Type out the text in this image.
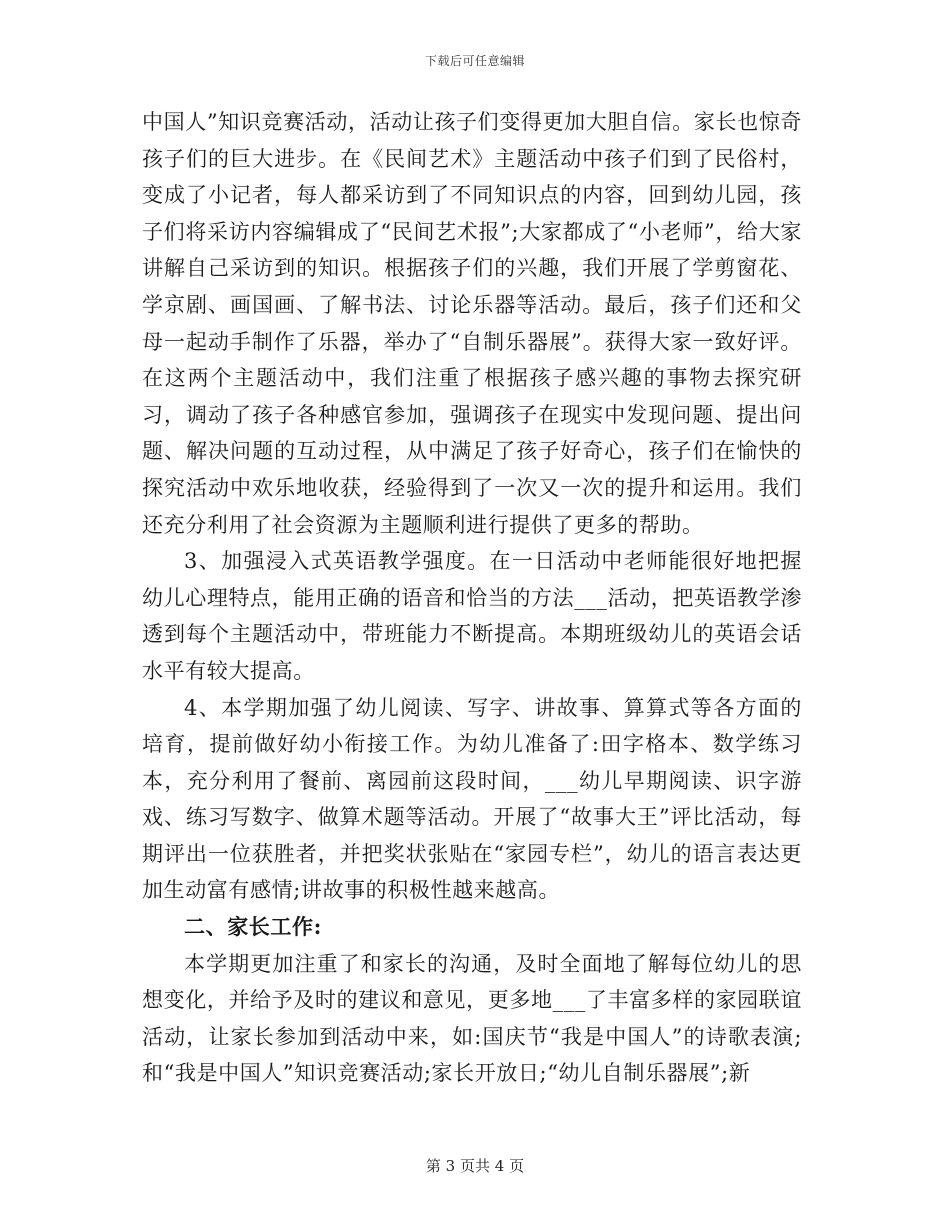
下载后可任意编辑

中国人”知识竞赛活动，活动让孩子们变得更加大胆自信。家长也惊奇孩子们的巨大进步。在《民间艺术》主题活动中孩子们到了民俗村，变成了小记者，每人都采访到了不同知识点的内容，回到幼儿园，孩子们将采访内容编辑成了“民间艺术报”;大家都成了“小老师”，给大家讲解自己采访到的知识。根据孩子们的兴趣，我们开展了学剪窗花、学京剧、画国画、了解书法、讨论乐器等活动。最后，孩子们还和父母一起动手制作了乐器，举办了“自制乐器展”。获得大家一致好评。在这两个主题活动中，我们注重了根据孩子感兴趣的事物去探究研习，调动了孩子各种感官参加，强调孩子在现实中发现问题、提出问题、解决问题的互动过程，从中满足了孩子好奇心，孩子们在愉快的探究活动中欢乐地收获，经验得到了一次又一次的提升和运用。我们还充分利用了社会资源为主题顺利进行提供了更多的帮助。

3、加强浸入式英语教学强度。在一日活动中老师能很好地把握幼儿心理特点，能用正确的语音和恰当的方法___活动，把英语教学渗透到每个主题活动中，带班能力不断提高。本期班级幼儿的英语会话水平有较大提高。

4、本学期加强了幼儿阅读、写字、讲故事、算算式等各方面的培育，提前做好幼小衔接工作。为幼儿准备了:田字格本、数学练习本，充分利用了餐前、离园前这段时间，___幼儿早期阅读、识字游戏、练习写数字、做算术题等活动。开展了“故事大王”评比活动，每期评出一位获胜者，并把奖状张贴在“家园专栏”，幼儿的语言表达更加生动富有感情;讲故事的积极性越来越高。

二、家长工作:

本学期更加注重了和家长的沟通，及时全面地了解每位幼儿的思想变化，并给予及时的建议和意见，更多地___了丰富多样的家园联谊活动，让家长参加到活动中来，如:国庆节“我是中国人”的诗歌表演;和“我是中国人”知识竞赛活动;家长开放日;“幼儿自制乐器展”;新

第 3 页共 4 页
